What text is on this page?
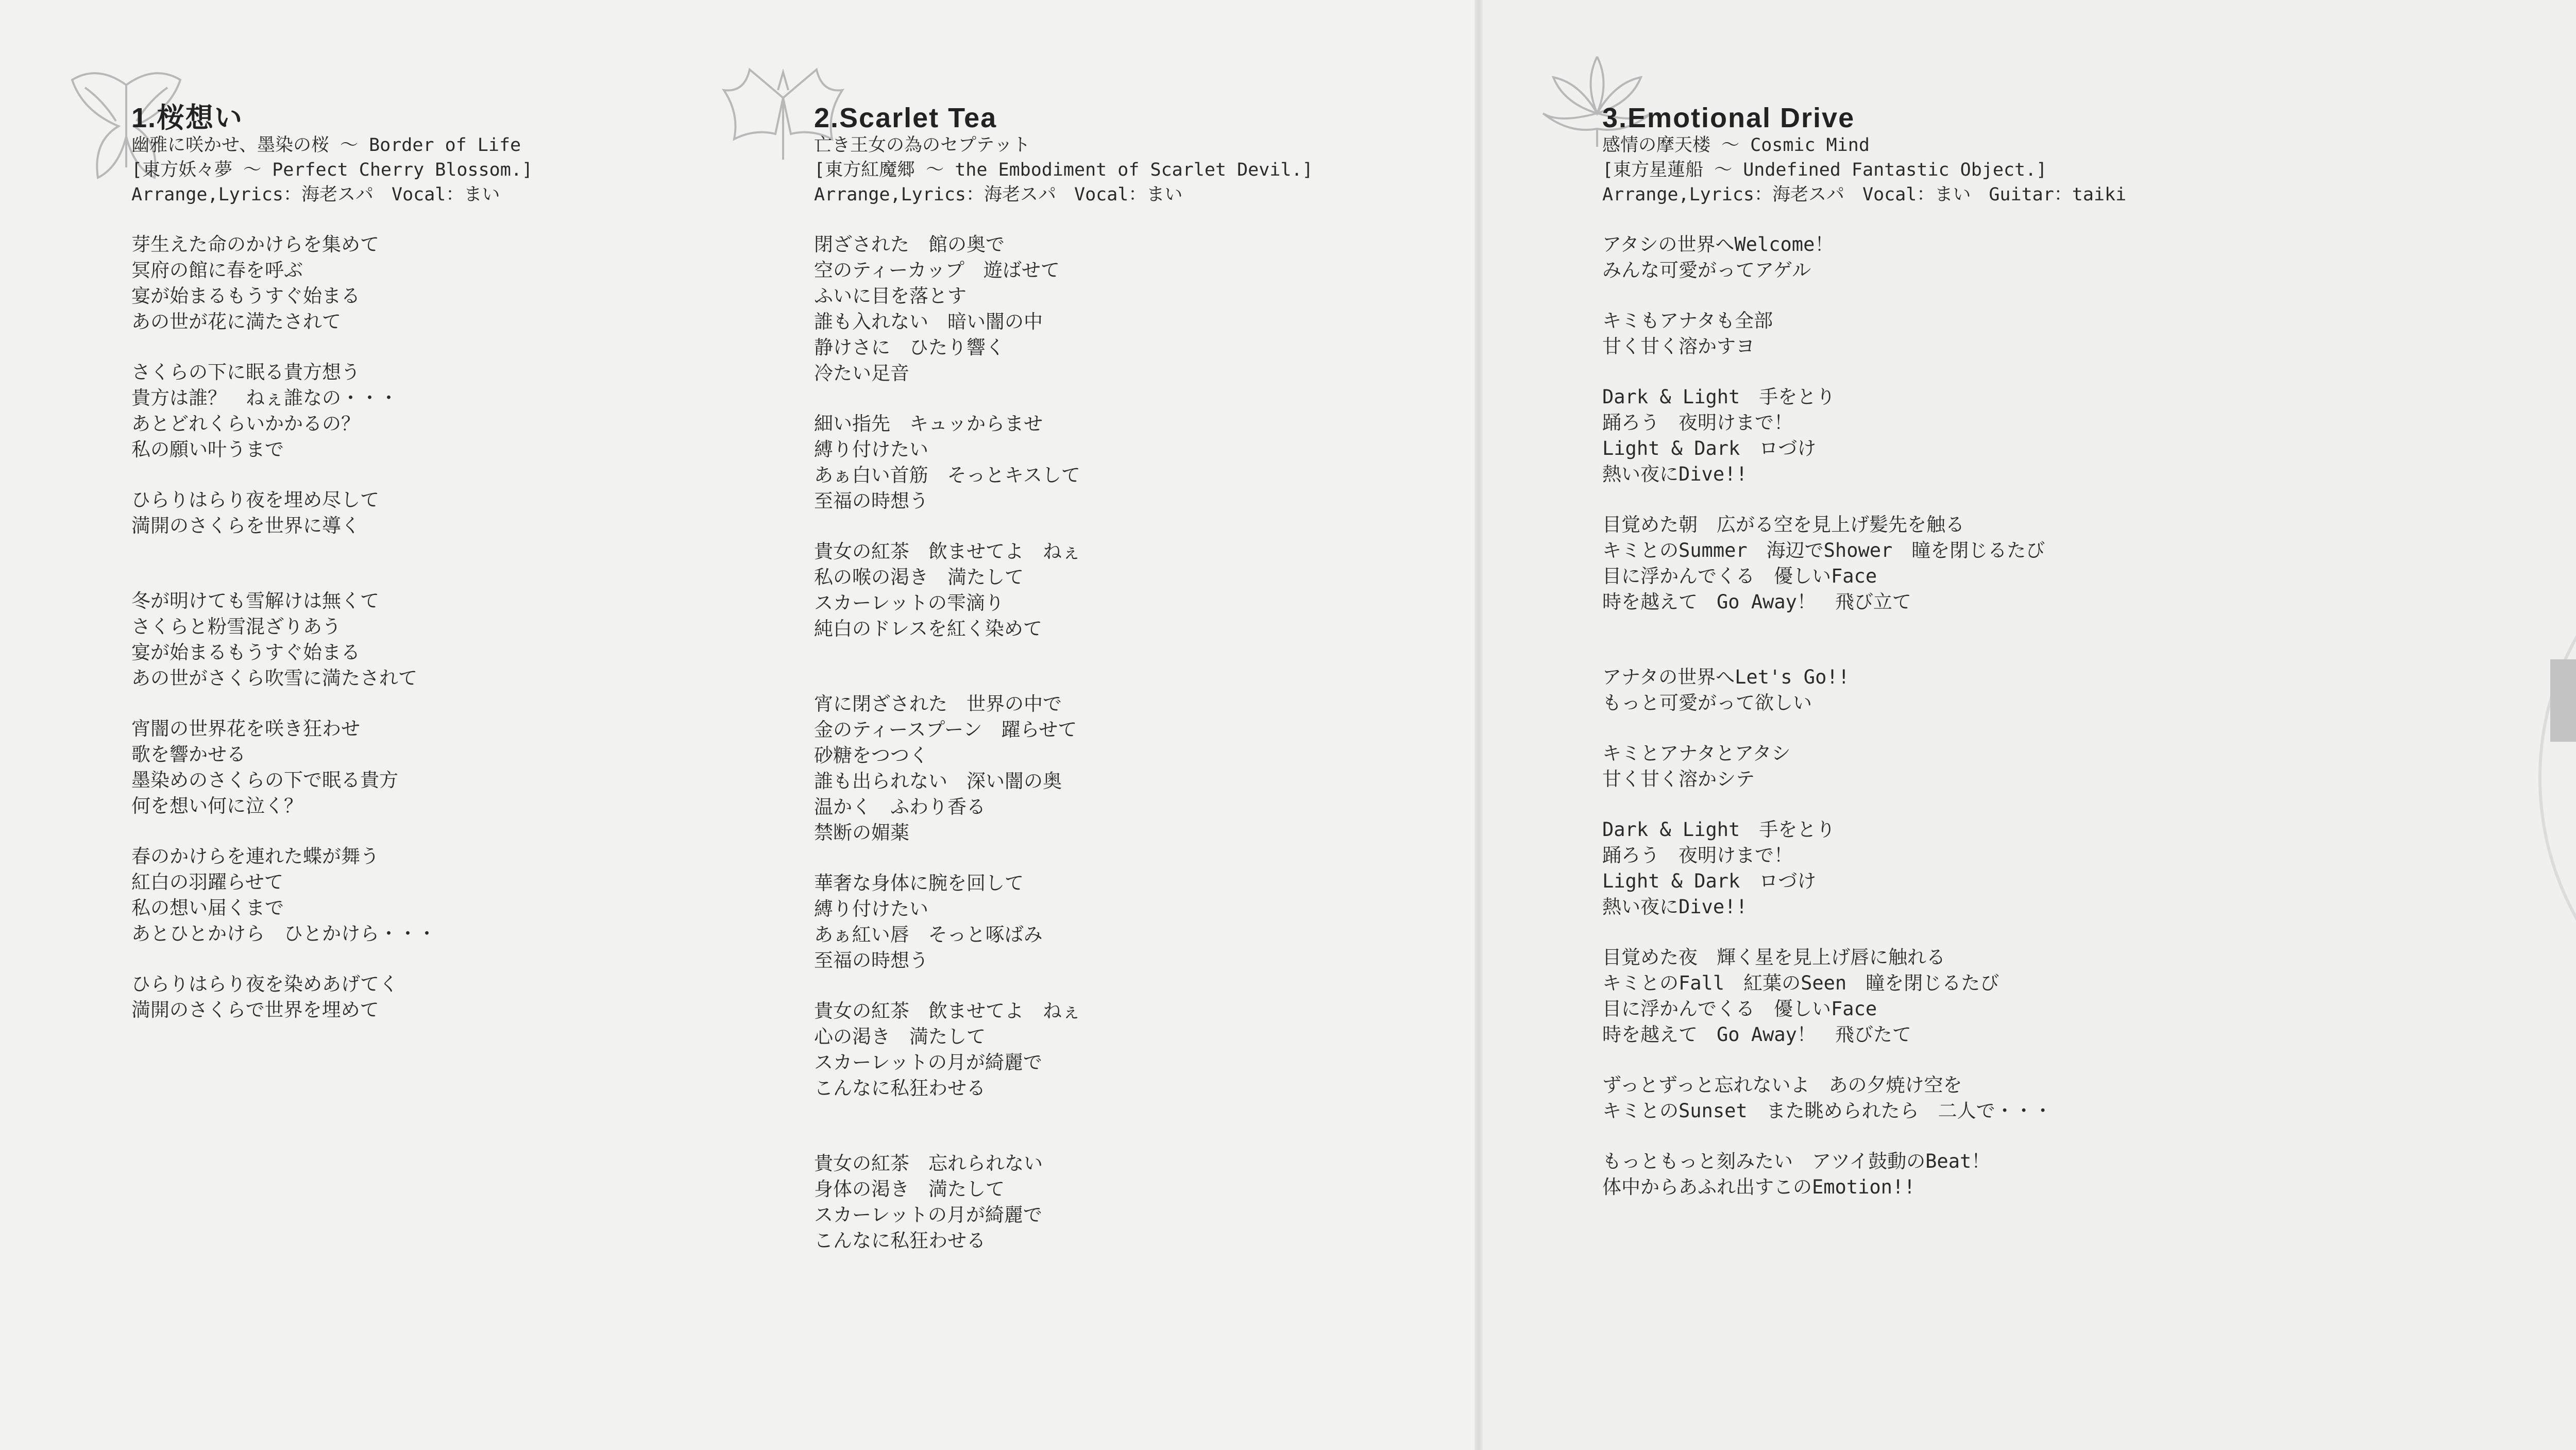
1.桜想い
幽雅に咲かせ、墨染の桜 ～ Border of Life
[東方妖々夢 ～ Perfect Cherry Blossom.]
Arrange,Lyrics：海老スパ　Vocal：まい
芽生えた命のかけらを集めて
冥府の館に春を呼ぶ
宴が始まるもうすぐ始まる
あの世が花に満たされて
さくらの下に眠る貴方想う
貴方は誰？　ねぇ誰なの・・・
あとどれくらいかかるの？
私の願い叶うまで
ひらりはらり夜を埋め尽して
満開のさくらを世界に導く
冬が明けても雪解けは無くて
さくらと粉雪混ざりあう
宴が始まるもうすぐ始まる
あの世がさくら吹雪に満たされて
宵闇の世界花を咲き狂わせ
歌を響かせる
墨染めのさくらの下で眠る貴方
何を想い何に泣く？
春のかけらを連れた蝶が舞う
紅白の羽躍らせて
私の想い届くまで
あとひとかけら　ひとかけら・・・
ひらりはらり夜を染めあげてく
満開のさくらで世界を埋めて
2.Scarlet Tea
亡き王女の為のセプテット
[東方紅魔郷 ～ the Embodiment of Scarlet Devil.]
Arrange,Lyrics：海老スパ　Vocal：まい
閉ざされた　館の奥で
空のティーカップ　遊ばせて
ふいに目を落とす
誰も入れない　暗い闇の中
静けさに　ひたり響く
冷たい足音
細い指先　キュッからませ
縛り付けたい
あぁ白い首筋　そっとキスして
至福の時想う
貴女の紅茶　飲ませてよ　ねぇ
私の喉の渇き　満たして
スカーレットの雫滴り
純白のドレスを紅く染めて
宵に閉ざされた　世界の中で
金のティースプーン　躍らせて
砂糖をつつく
誰も出られない　深い闇の奥
温かく　ふわり香る
禁断の媚薬
華奢な身体に腕を回して
縛り付けたい
あぁ紅い唇　そっと啄ばみ
至福の時想う
貴女の紅茶　飲ませてよ　ねぇ
心の渇き　満たして
スカーレットの月が綺麗で
こんなに私狂わせる
貴女の紅茶　忘れられない
身体の渇き　満たして
スカーレットの月が綺麗で
こんなに私狂わせる
3.Emotional Drive
感情の摩天楼 ～ Cosmic Mind
[東方星蓮船 ～ Undefined Fantastic Object.]
Arrange,Lyrics：海老スパ　Vocal：まい　Guitar：taiki
アタシの世界へWelcome！
みんな可愛がってアゲル
キミもアナタも全部
甘く甘く溶かすヨ
Dark & Light　手をとり
踊ろう　夜明けまで！
Light & Dark　ロづけ
熱い夜にDive!!
目覚めた朝　広がる空を見上げ髪先を触る
キミとのSummer　海辺でShower　瞳を閉じるたび
目に浮かんでくる　優しいFace
時を越えて　Go Away！　飛び立て
アナタの世界へLet's Go!!
もっと可愛がって欲しい
キミとアナタとアタシ
甘く甘く溶かシテ
Dark & Light　手をとり
踊ろう　夜明けまで！
Light & Dark　ロづけ
熱い夜にDive!!
目覚めた夜　輝く星を見上げ唇に触れる
キミとのFall　紅葉のSeen　瞳を閉じるたび
目に浮かんでくる　優しいFace
時を越えて　Go Away！　飛びたて
ずっとずっと忘れないよ　あの夕焼け空を
キミとのSunset　また眺められたら　二人で・・・
もっともっと刻みたい　アツイ鼓動のBeat！
体中からあふれ出すこのEmotion!!
